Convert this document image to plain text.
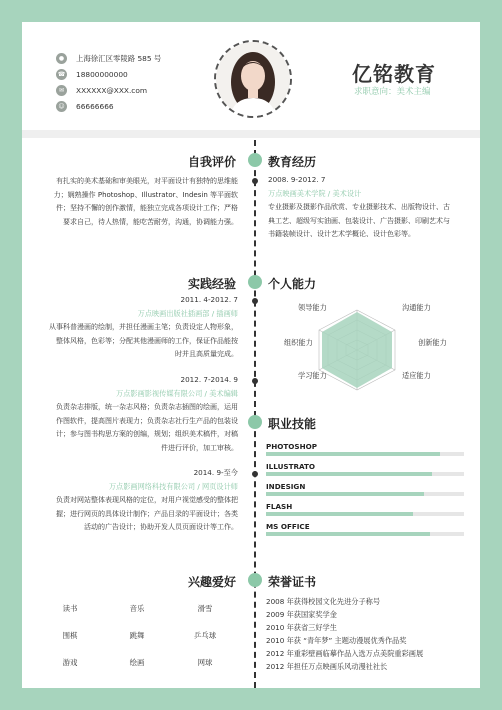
●	上海徐汇区零陵路 585 号
☎ 18800000000
✉	XXXXXX@XXX.com
☺	66666666
亿铭教育
求职意向：美术主编
自我评价
有扎实的美术基础和审美眼光，对平面设计有独特的思维能
力；娴熟操作 Photoshop、Illustrator、Indesin 等平面软
件；坚持不懈的创作激情，能独立完成各项设计工作；严格
要求自己，待人热情，能吃苦耐劳，沟通，协调能力强。
教育经历
2008. 9-2012. 7
万点映画美术学院 / 美术设计
专业摄影及摄影作品欣赏、专业摄影技术、出版物设计、古
典工艺、超级写实油画、包装设计、广告摄影、印刷艺术与
书籍装帧设计、设计艺术学概论、设计色彩等。
实践经验
2011. 4-2012. 7
万点映画出版社插画部 / 插画师
从事科普漫画的绘制，并担任漫画主笔；负责设定人物形象，
整体风格，色彩等；分配其他漫画师的工作，保证作品能按
时并且高质量完成。
2012. 7-2014. 9
万点影画影视传媒有限公司 / 美术编辑
负责杂志排版，统一杂志风格；负责杂志插图的绘画，运用
作图软件，提高图片表现力；负责杂志社行生产品的包装设
计；参与图书构思方案的创编，规划；组织美术稿件，对稿
件进行评价，加工审核。
2014. 9-至今
万点影画网络科技有限公司 / 网页设计师
负责对网站整体表现风格的定位，对用户视觉感受的整体把
握；进行网页的具体设计制作；产品目录的平面设计；各类
活动的广告设计；协助开发人员页面设计等工作。
个人能力
领导能力	沟通能力
组织能力	创新能力
学习能力	适应能力
职业技能
兴趣爱好
读书	音乐	滑雪
围棋	跳舞	乒乓球
游戏	绘画	网球
荣誉证书
2008 年获得校园文化先进分子称号
2009 年获国家奖学金
2010 年获省三好学生
2010 年获 “青年梦” 主题动漫展优秀作品奖
2012 年重彩壁画临摹作品入选万点美院重彩画展
2012 年担任万点映画乐风动漫社社长
PHOTOSHOP
ILLUSTRATO
INDESIGN
FLASH
MS OFFICE
